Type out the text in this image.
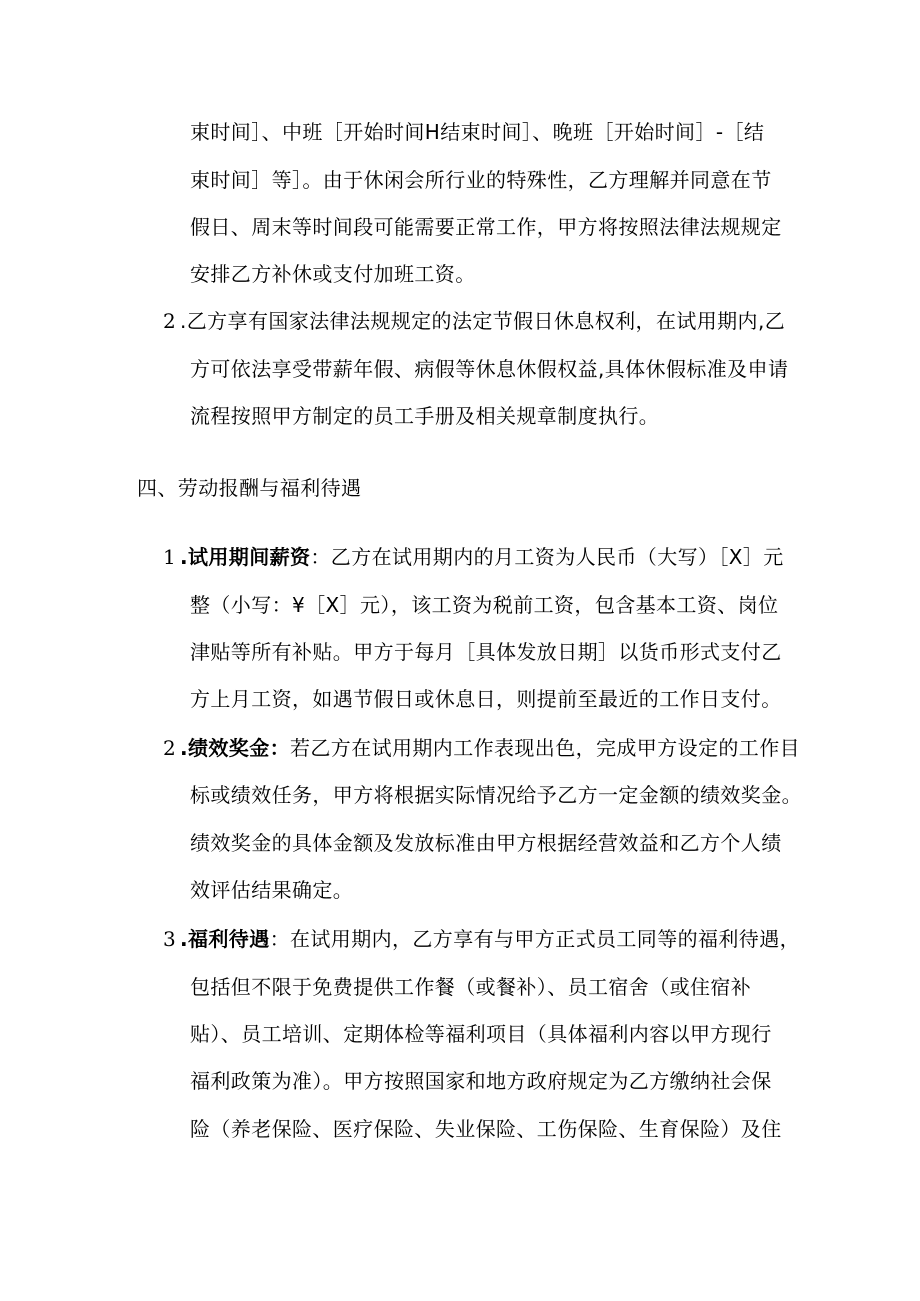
束时间］、中班［开始时间H结束时间］、晚班［开始时间］-［结
束时间］等］。由于休闲会所行业的特殊性，乙方理解并同意在节
假日、周末等时间段可能需要正常工作，甲方将按照法律法规规定
安排乙方补休或支付加班工资。
2 .乙方享有国家法律法规规定的法定节假日休息权利，在试用期内,乙
方可依法享受带薪年假、病假等休息休假权益,具体休假标准及申请
流程按照甲方制定的员工手册及相关规章制度执行。
四、劳动报酬与福利待遇
1 .试用期间薪资：乙方在试用期内的月工资为人民币（大写）［X］元
整（小写：¥［X］元），该工资为税前工资，包含基本工资、岗位
津贴等所有补贴。甲方于每月［具体发放日期］以货币形式支付乙
方上月工资，如遇节假日或休息日，则提前至最近的工作日支付。
2 .绩效奖金：若乙方在试用期内工作表现出色，完成甲方设定的工作目
标或绩效任务，甲方将根据实际情况给予乙方一定金额的绩效奖金。
绩效奖金的具体金额及发放标准由甲方根据经营效益和乙方个人绩
效评估结果确定。
3 .福利待遇：在试用期内，乙方享有与甲方正式员工同等的福利待遇，
包括但不限于免费提供工作餐（或餐补）、员工宿舍（或住宿补
贴）、员工培训、定期体检等福利项目（具体福利内容以甲方现行
福利政策为准）。甲方按照国家和地方政府规定为乙方缴纳社会保
险（养老保险、医疗保险、失业保险、工伤保险、生育保险）及住
